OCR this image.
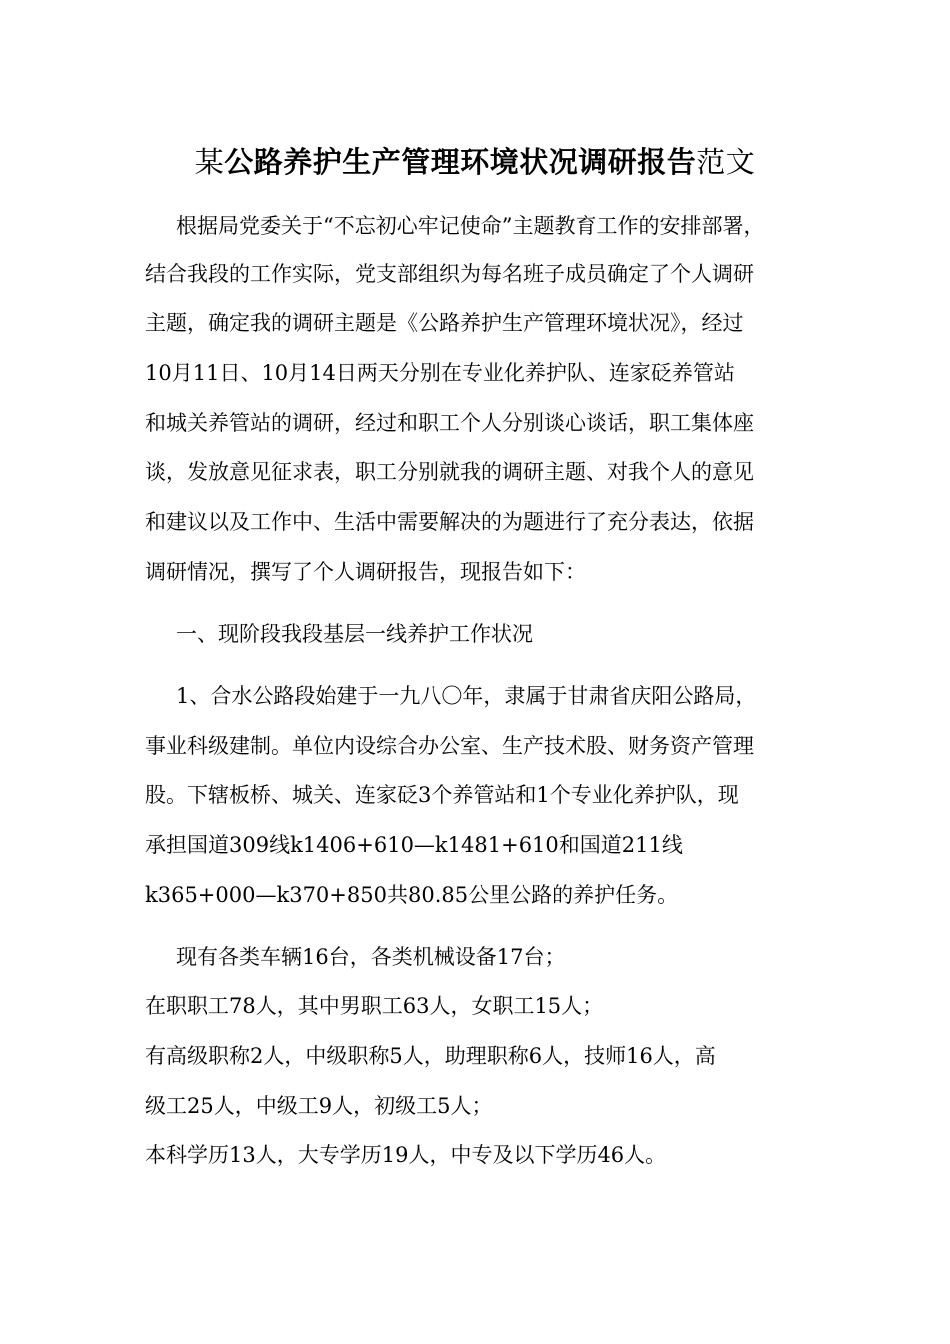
某公路养护生产管理环境状况调研报告范文
根据局党委关于“不忘初心牢记使命”主题教育工作的安排部署，
结合我段的工作实际，党支部组织为每名班子成员确定了个人调研
主题，确定我的调研主题是《公路养护生产管理环境状况》，经过
10月11日、10月14日两天分别在专业化养护队、连家砭养管站
和城关养管站的调研，经过和职工个人分别谈心谈话，职工集体座
谈，发放意见征求表，职工分别就我的调研主题、对我个人的意见
和建议以及工作中、生活中需要解决的为题进行了充分表达，依据
调研情况，撰写了个人调研报告，现报告如下：
一、现阶段我段基层一线养护工作状况
1、合水公路段始建于一九八〇年，隶属于甘肃省庆阳公路局，
事业科级建制。单位内设综合办公室、生产技术股、财务资产管理
股。下辖板桥、城关、连家砭3个养管站和1个专业化养护队，现
承担国道309线k1406+610—k1481+610和国道211线
k365+000—k370+850共80.85公里公路的养护任务。
现有各类车辆16台，各类机械设备17台；
在职职工78人，其中男职工63人，女职工15人；
有高级职称2人，中级职称5人，助理职称6人，技师16人，高
级工25人，中级工9人，初级工5人；
本科学历13人，大专学历19人，中专及以下学历46人。
